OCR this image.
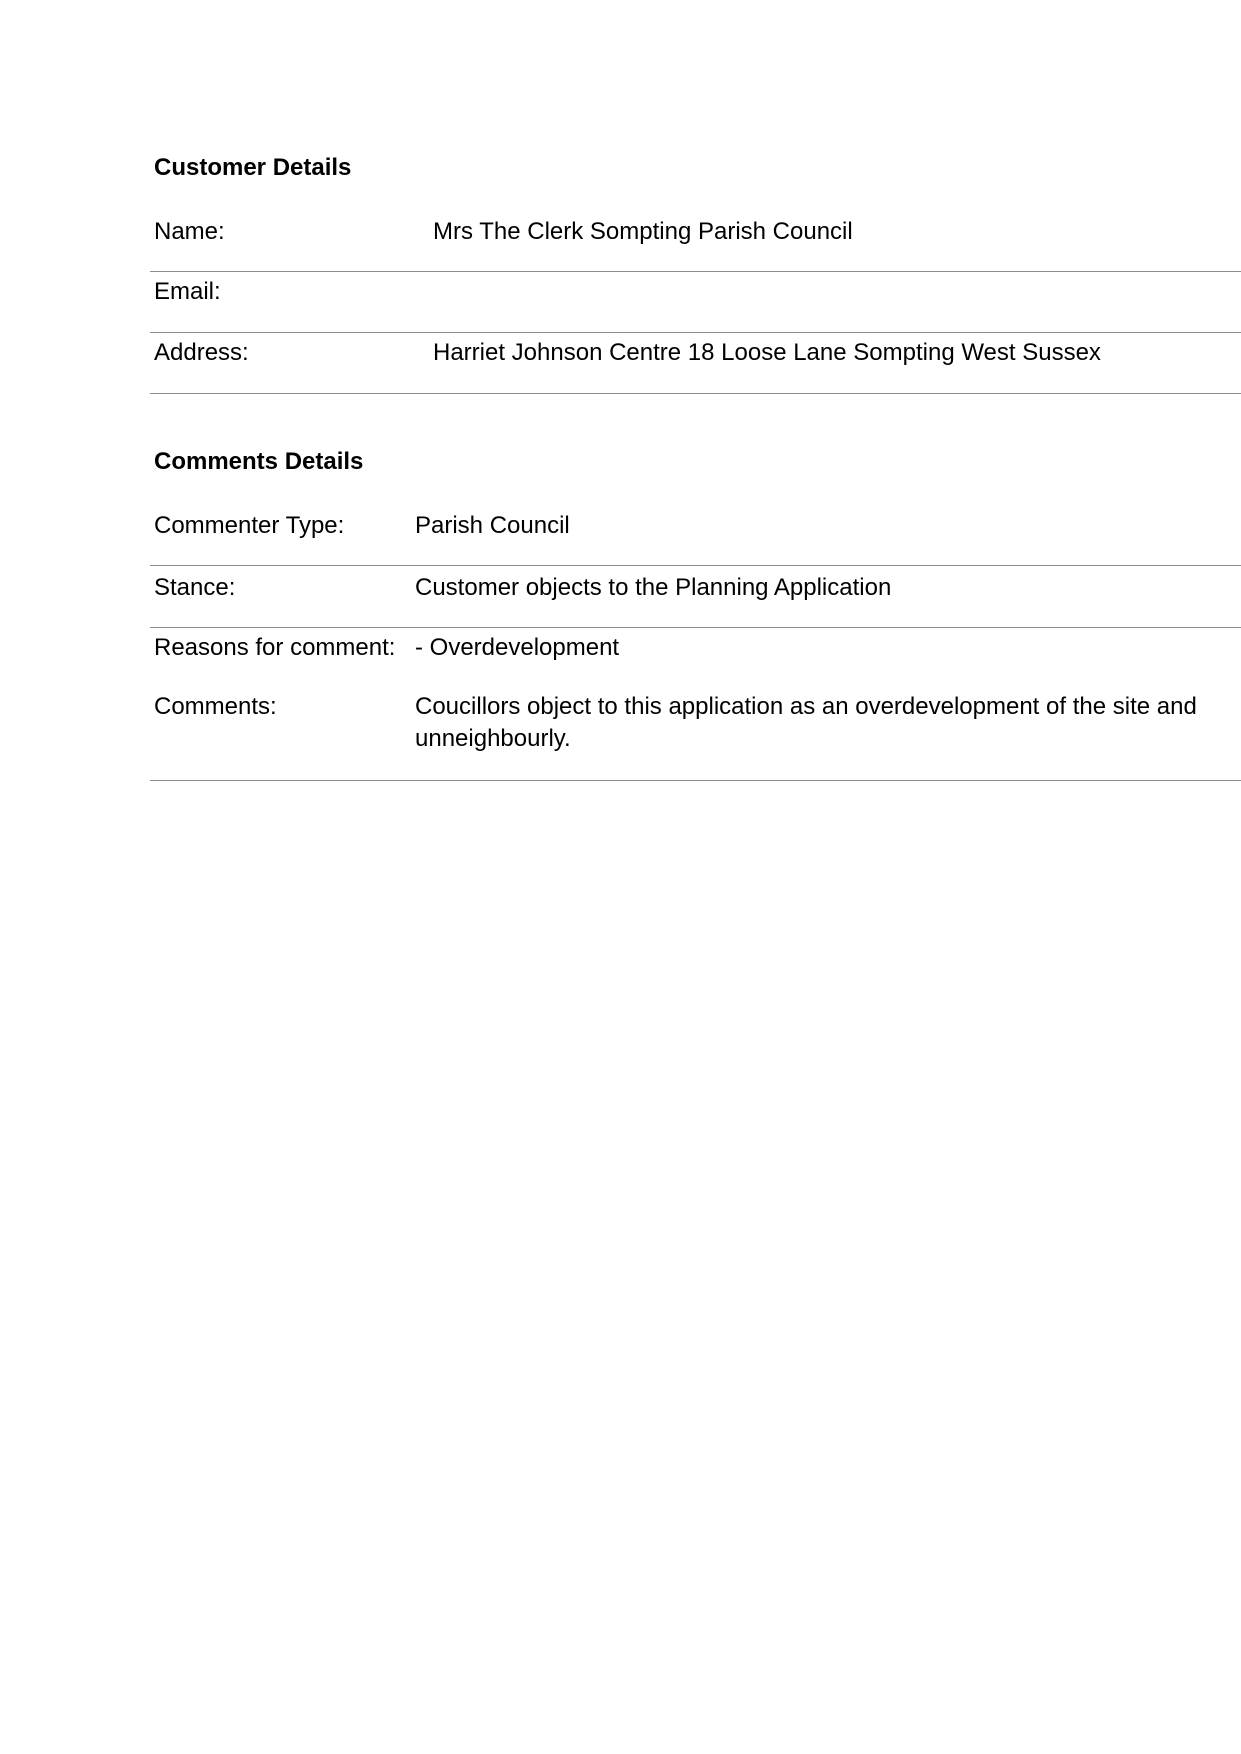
Customer Details
Name:	Mrs The Clerk Sompting Parish Council
Email:
Address:	Harriet Johnson Centre 18 Loose Lane Sompting West Sussex
Comments Details
Commenter Type:	Parish Council
Stance:	Customer objects to the Planning Application
Reasons for comment: - Overdevelopment
Comments:	Coucillors object to this application as an overdevelopment of the site and unneighbourly.
